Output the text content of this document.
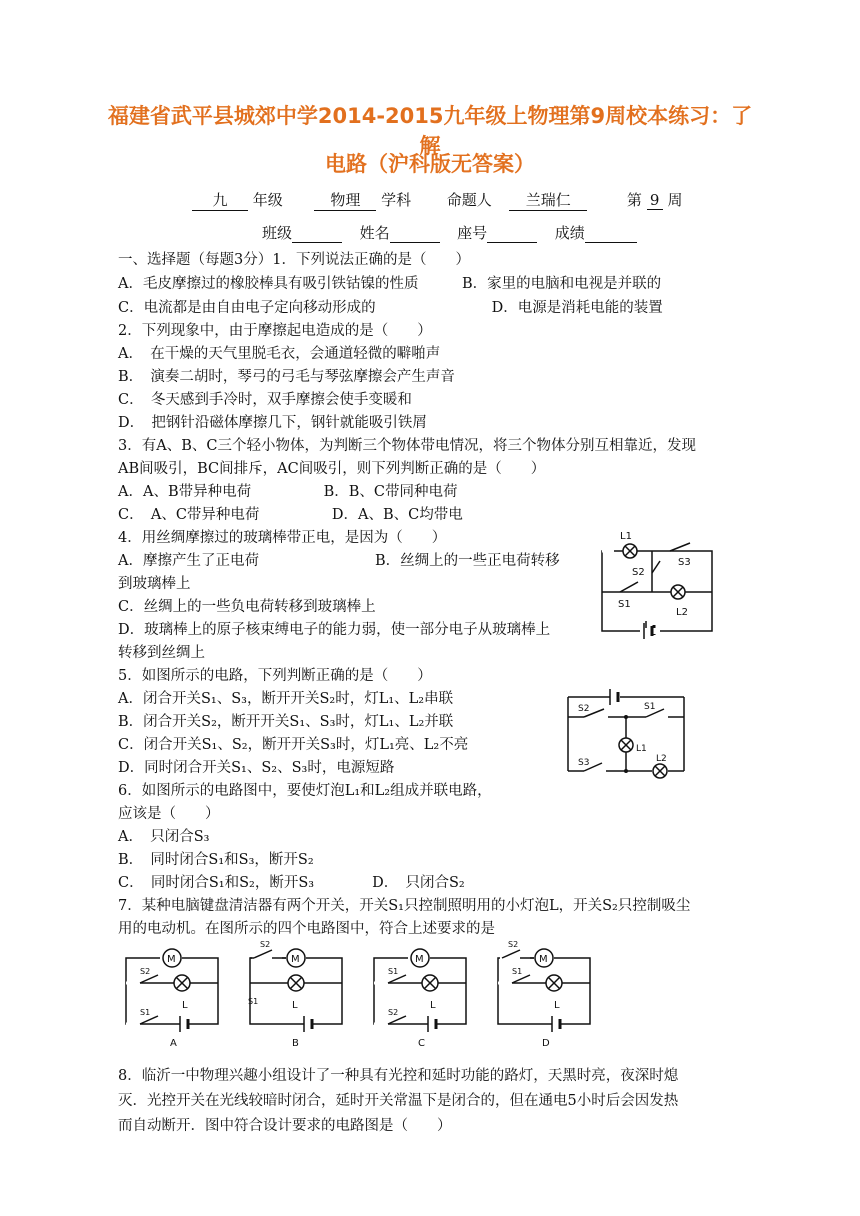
福建省武平县城郊中学2014-2015九年级上物理第9周校本练习：了解
电路（沪科版无答案）
九 年级	物理 学科 命题人 兰瑞仁	第 9 周
班级	姓名	座号	成绩
一、选择题（每题3分）1．下列说法正确的是（　　）
A．毛皮摩擦过的橡胶棒具有吸引铁钴镍的性质　　　B．家里的电脑和电视是并联的
C．电流都是由自由电子定向移动形成的　　　　　　　　D．电源是消耗电能的装置
2．下列现象中，由于摩擦起电造成的是（　　）
A．　在干燥的天气里脱毛衣，会通道轻微的噼啪声
B．　演奏二胡时，琴弓的弓毛与琴弦摩擦会产生声音
C．　冬天感到手冷时，双手摩擦会使手变暖和
D．　把钢针沿磁体摩擦几下，钢针就能吸引铁屑
3．有A、B、C三个轻小物体，为判断三个物体带电情况，将三个物体分别互相靠近，发现
AB间吸引，BC间排斥，AC间吸引，则下列判断正确的是（　　）
A．A、B带异种电荷　　　　　B．B、C带同种电荷
C．　A、C带异种电荷　　　　　D．A、B、C均带电
4．用丝绸摩擦过的玻璃棒带正电，是因为（　　）
A．摩擦产生了正电荷　　　　　　　　B．丝绸上的一些正电荷转移
到玻璃棒上
C．丝绸上的一些负电荷转移到玻璃棒上
D．玻璃棒上的原子核束缚电子的能力弱，使一部分电子从玻璃棒上
转移到丝绸上
5．如图所示的电路，下列判断正确的是（　　）
A．闭合开关S₁、S₃，断开开关S₂时，灯L₁、L₂串联
B．闭合开关S₂，断开开关S₁、S₃时，灯L₁、L₂并联
C．闭合开关S₁、S₂，断开开关S₃时，灯L₁亮、L₂不亮
D．同时闭合开关S₁、S₂、S₃时，电源短路
6．如图所示的电路图中，要使灯泡L₁和L₂组成并联电路，
应该是（　　）
A．　只闭合S₃
B．　同时闭合S₁和S₃，断开S₂
C．　同时闭合S₁和S₂，断开S₃　　　　D．　只闭合S₂
7．某种电脑键盘清洁器有两个开关，开关S₁只控制照明用的小灯泡L，开关S₂只控制吸尘
用的电动机。在图所示的四个电路图中，符合上述要求的是
8．临沂一中物理兴趣小组设计了一种具有光控和延时功能的路灯，天黑时亮，夜深时熄
灭．光控开关在光线较暗时闭合，延时开关常温下是闭合的，但在通电5小时后会因发热
而自动断开．图中符合设计要求的电路图是（　　）
L1
S3
S2
S1
L2
S2	S1
L1
S3	L2
M
S2
S1
L
A
S2
M
L
S1
B
M
S1
S2
L
C
S2
M
S1
L
D
